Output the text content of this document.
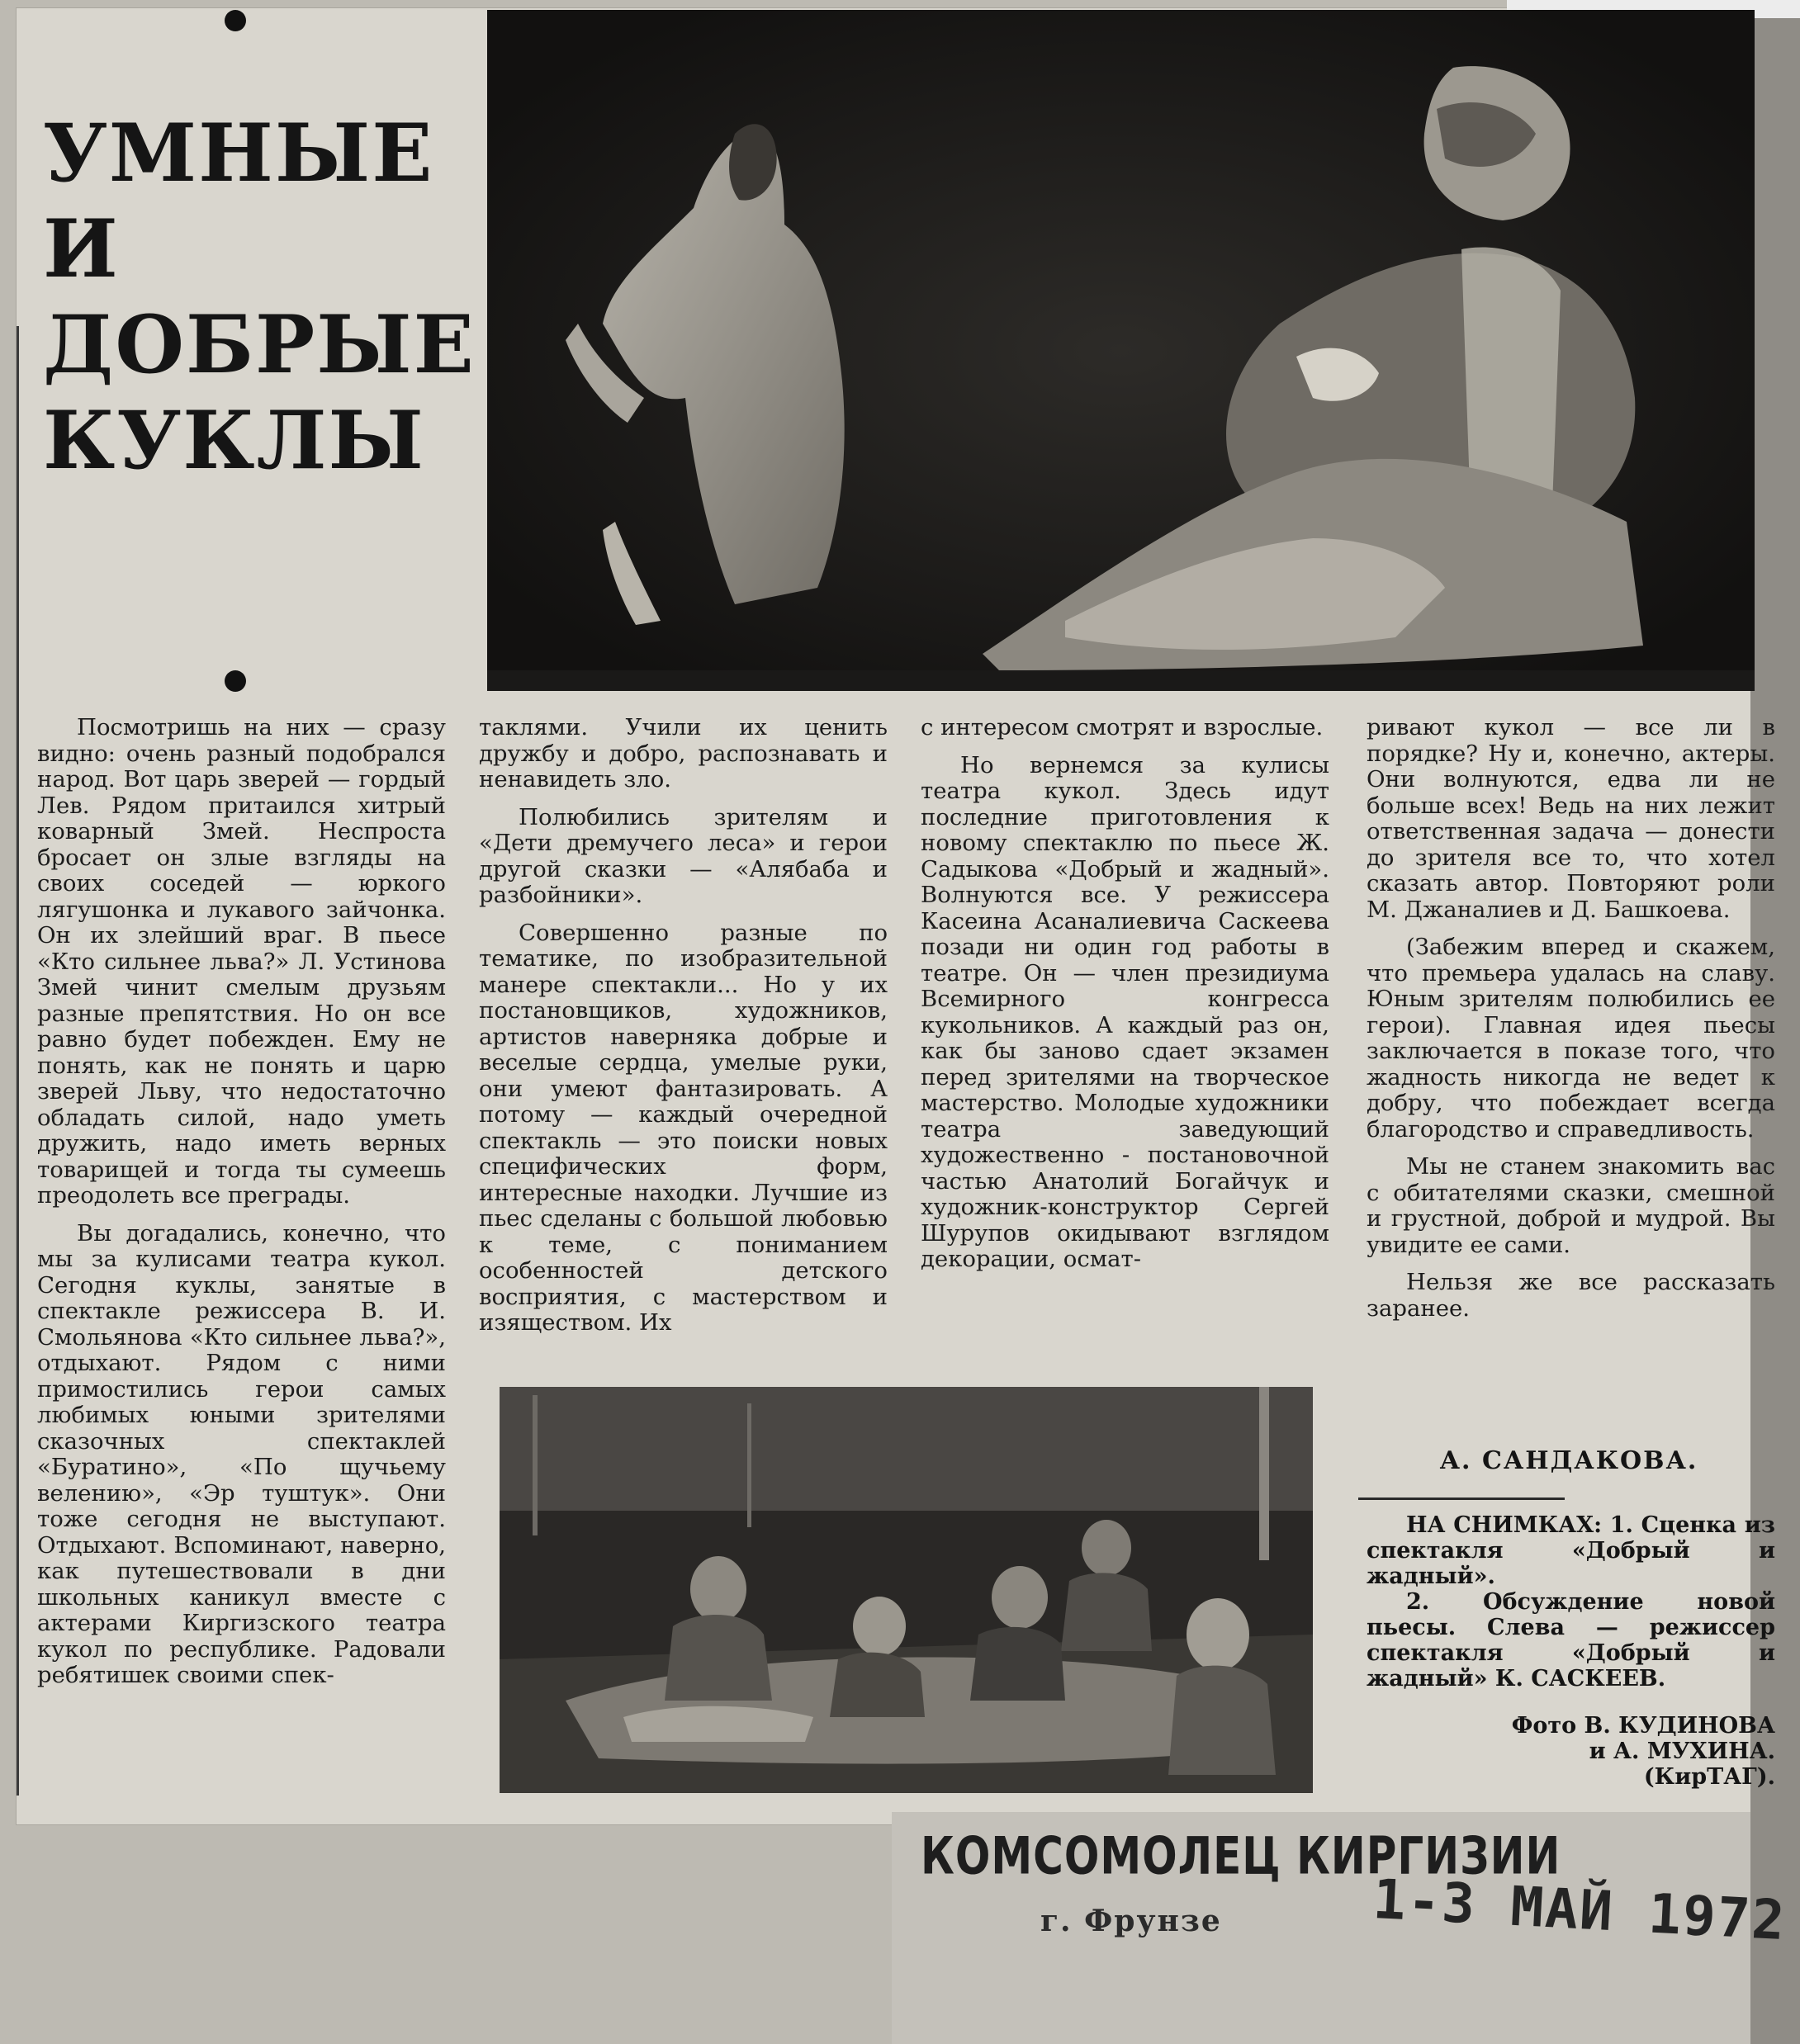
УМНЫЕ
И
ДОБРЫЕ
КУКЛЫ

Посмотришь на них — сразу видно: очень разный подобрался народ. Вот царь зверей — гордый Лев. Рядом притаился хитрый коварный Змей. Неспроста бросает он злые взгляды на своих соседей — юркого лягушонка и лукавого зайчонка. Он их злейший враг. В пьесе «Кто сильнее льва?» Л. Устинова Змей чинит смелым друзьям разные препятствия. Но он все равно будет побежден. Ему не понять, как не понять и царю зверей Льву, что недостаточно обладать силой, надо уметь дружить, надо иметь верных товарищей и тогда ты сумеешь преодолеть все преграды.

Вы догадались, конечно, что мы за кулисами театра кукол. Сегодня куклы, занятые в спектакле режиссера В. И. Смольянова «Кто сильнее льва?», отдыхают. Рядом с ними примостились герои самых любимых юными зрителями сказочных спектаклей «Буратино», «По щучьему велению», «Эр туштук». Они тоже сегодня не выступают. Отдыхают. Вспоминают, наверно, как путешествовали в дни школьных каникул вместе с актерами Киргизского театра кукол по республике. Радовали ребятишек своими спек-

таклями. Учили их ценить дружбу и добро, распознавать и ненавидеть зло.

Полюбились зрителям и «Дети дремучего леса» и герои другой сказки — «Алябаба и разбойники».

Совершенно разные по тематике, по изобразительной манере спектакли... Но у их постановщиков, художников, артистов наверняка добрые и веселые сердца, умелые руки, они умеют фантазировать. А потому — каждый очередной спектакль — это поиски новых специфических форм, интересные находки. Лучшие из пьес сделаны с большой любовью к теме, с пониманием особенностей детского восприятия, с мастерством и изяществом. Их

с интересом смотрят и взрослые.

Но вернемся за кулисы театра кукол. Здесь идут последние приготовления к новому спектаклю по пьесе Ж. Садыкова «Добрый и жадный». Волнуются все. У режиссера Касеина Асаналиевича Саскеева позади ни один год работы в театре. Он — член президиума Всемирного конгресса кукольников. А каждый раз он, как бы заново сдает экзамен перед зрителями на творческое мастерство. Молодые художники театра заведующий художественно - постановочной частью Анатолий Богайчук и художник-конструктор Сергей Шурупов окидывают взглядом декорации, осмат-

ривают кукол — все ли в порядке? Ну и, конечно, актеры. Они волнуются, едва ли не больше всех! Ведь на них лежит ответственная задача — донести до зрителя все то, что хотел сказать автор. Повторяют роли М. Джаналиев и Д. Башкоева.

(Забежим вперед и скажем, что премьера удалась на славу. Юным зрителям полюбились ее герои). Главная идея пьесы заключается в показе того, что жадность никогда не ведет к добру, что побеждает всегда благородство и справедливость.

Мы не станем знакомить вас с обитателями сказки, смешной и грустной, доброй и мудрой. Вы увидите ее сами.

Нельзя же все рассказать заранее.

А. САНДАКОВА.

НА СНИМКАХ: 1. Сценка из спектакля «Добрый и жадный».

2. Обсуждение новой пьесы. Слева — режиссер спектакля «Добрый и жадный» К. САСКЕЕВ.

Фото В. КУДИНОВА
и А. МУХИНА.
(КирТАГ).
КОМСОМОЛЕЦ КИРГИЗИИ
г. Фрунзе	1-3 МАЙ 1972
